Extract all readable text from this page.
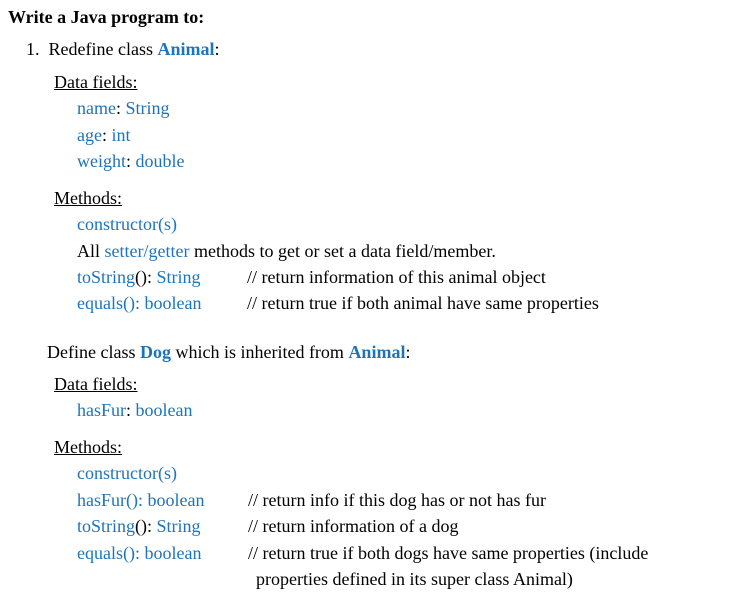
Write a Java program to:
1. Redefine class Animal:
Data fields:
name: String
age: int
weight: double
Methods:
constructor(s)
All setter/getter methods to get or set a data field/member.
toString(): String	// return information of this animal object
equals(): boolean	// return true if both animal have same properties
Define class Dog which is inherited from Animal:
Data fields:
hasFur: boolean
Methods:
constructor(s)
hasFur(): boolean // return info if this dog has or not has fur
toString(): String	// return information of a dog
equals(): boolean	// return true if both dogs have same properties (include
properties defined in its super class Animal)
